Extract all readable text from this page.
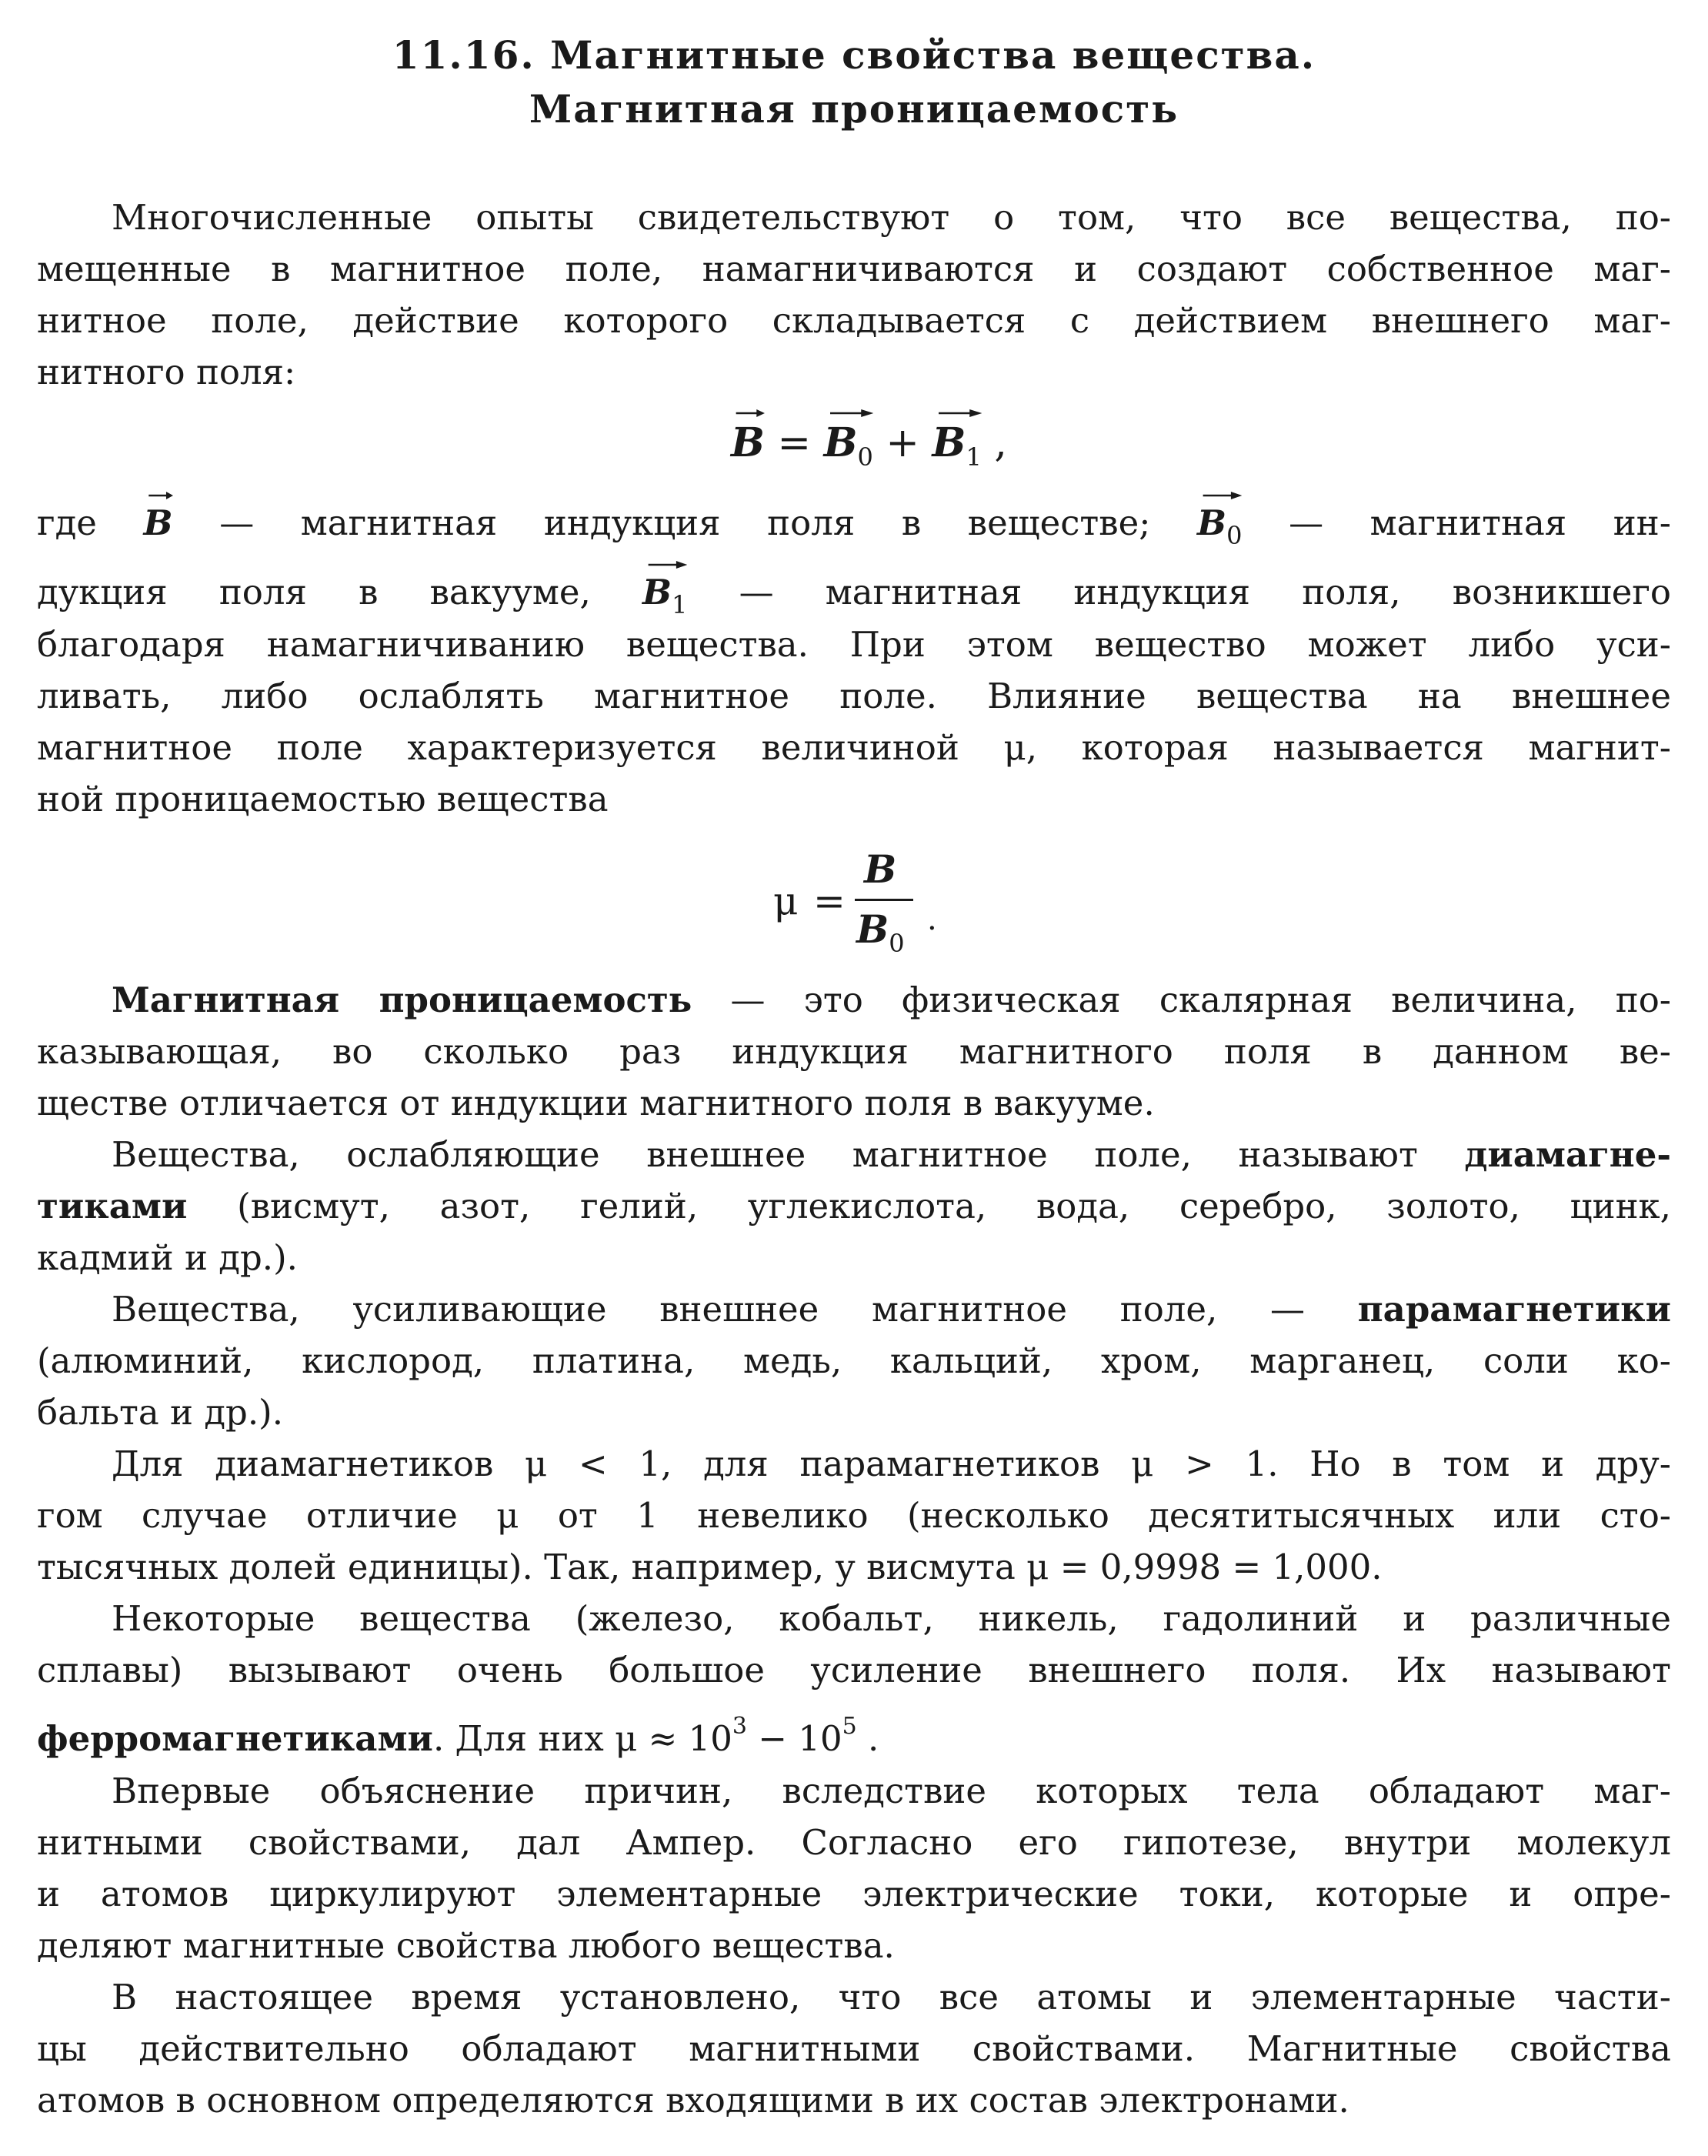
11.16. Магнитные свойства вещества.
Магнитная проницаемость
Многочисленные опыты свидетельствуют о том, что все вещества, по-
мещенные в магнитное поле, намагничиваются и создают собственное маг-
нитное поле, действие которого складывается с действием внешнего маг-
нитного поля:
B =
$B_0$ +
$B_1$ ,
где
B — магнитная индукция поля в веществе;
$B_0$ — магнитная ин-
дукция поля в вакууме,
$B_1$ — магнитная индукция поля, возникшего
благодаря намагничиванию вещества. При этом вещество может либо уси-
ливать, либо ослаблять магнитное поле. Влияние вещества на внешнее
магнитное поле характеризуется величиной μ, которая называется магнит-
ной проницаемостью вещества
μ =
B
$B_0$
.
Магнитная проницаемость — это физическая скалярная величина, по-
казывающая, во сколько раз индукция магнитного поля в данном ве-
ществе отличается от индукции магнитного поля в вакууме.
Вещества, ослабляющие внешнее магнитное поле, называют диамагне-
тиками (висмут, азот, гелий, углекислота, вода, серебро, золото, цинк,
кадмий и др.).
Вещества, усиливающие внешнее магнитное поле, — парамагнетики
(алюминий, кислород, платина, медь, кальций, хром, марганец, соли ко-
бальта и др.).
Для диамагнетиков μ < 1, для парамагнетиков μ > 1. Но в том и дру-
гом случае отличие μ от 1 невелико (несколько десятитысячных или сто-
тысячных долей единицы). Так, например, у висмута μ = 0,9998 = 1,000.
Некоторые вещества (железо, кобальт, никель, гадолиний и различные
сплавы) вызывают очень большое усиление внешнего поля. Их называют
ферромагнетиками. Для них $\mu \approx 10^3 - 10^5$ .
Впервые объяснение причин, вследствие которых тела обладают маг-
нитными свойствами, дал Ампер. Согласно его гипотезе, внутри молекул
и атомов циркулируют элементарные электрические токи, которые и опре-
деляют магнитные свойства любого вещества.
В настоящее время установлено, что все атомы и элементарные части-
цы действительно обладают магнитными свойствами. Магнитные свойства
атомов в основном определяются входящими в их состав электронами.
